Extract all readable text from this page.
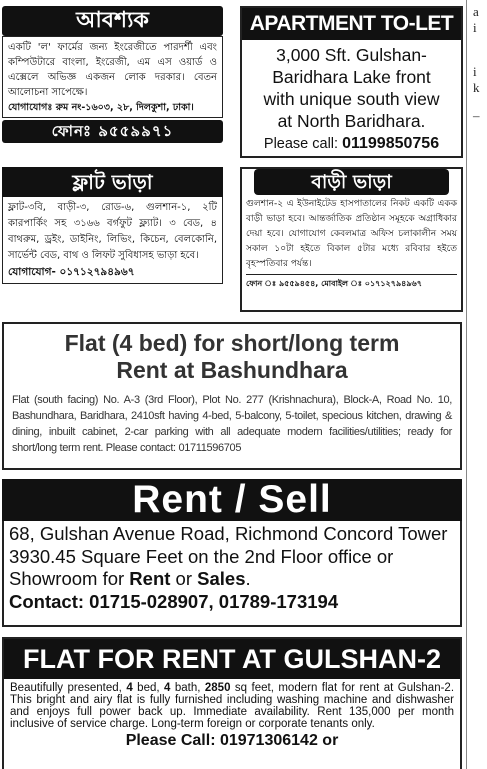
আবশ্যক
একটি 'ল' ফার্মের জন্য ইংরেজীতে পারদর্শী এবং কম্পিউটারে বাংলা, ইংরেজী, এম এস ওয়ার্ড ও এক্সেলে অভিজ্ঞ একজন লোক দরকার। বেতন আলোচনা সাপেক্ষে।
যোগাযোগঃ রুম নং-১৬০৩, ২৮, দিলকুশা, ঢাকা।
ফোনঃ ৯৫৫৯৯৭১
APARTMENT TO-LET
3,000 Sft. Gulshan-
Baridhara Lake front
with unique south view
at North Baridhara.
Please call: 01199850756
ফ্লাট ভাড়া
ফ্লাট-৩বি, বাড়ী-৩, রোড-৬, গুলশান-১, ২টি কারপার্কিং সহ ৩১৬৬ বর্গফুট ফ্ল্যাট। ৩ বেড, ৪ বাথরুম, ড্রইং, ডাইনিং, লিভিং, কিচেন, বেলকোনি, সার্ভেন্ট বেড, বাথ ও লিফট সুবিধাসহ ভাড়া হবে।
যোগাযোগ- ০১৭১২৭৯৪৯৬৭
বাড়ী ভাড়া
গুলশান-২ এ ইউনাইটেড হাসপাতালের নিকট একটি একক বাড়ী ভাড়া হবে। আন্তর্জাতিক প্রতিষ্ঠান সমূহকে অগ্রাধিকার দেয়া হবে। যোগাযোগ কেবলমাত্র অফিস চলাকালীন সময় সকাল ১০টা হইতে বিকাল ৫টার মধ্যে রবিবার হইতে বৃহস্পতিবার পর্যন্ত।
ফোন ঃ ৯৫৫৯৪৫৪, মোবাইল ঃ ০১৭১২৭৯৪৯৬৭
Flat (4 bed) for short/long term
Rent at Bashundhara
Flat (south facing) No. A-3 (3rd Floor), Plot No. 277 (Krishnachura), Block-A, Road No. 10, Bashundhara, Baridhara, 2410sft having 4-bed, 5-balcony, 5-toilet, specious kitchen, drawing & dining, inbuilt cabinet, 2-car parking with all adequate modern facilities/utilities; ready for short/long term rent. Please contact: 01711596705
Rent / Sell
68, Gulshan Avenue Road, Richmond Concord Tower 3930.45 Square Feet on the 2nd Floor office or Showroom for Rent or Sales.
Contact: 01715-028907, 01789-173194
FLAT FOR RENT AT GULSHAN-2
Beautifully presented, 4 bed, 4 bath, 2850 sq feet, modern flat for rent at Gulshan-2. This bright and airy flat is fully furnished including washing machine and dishwasher and enjoys full power back up. Immediate availability. Rent 135,000 per month inclusive of service charge. Long-term foreign or corporate tenants only.
Please Call: 01971306142 or
a
i
i
k
–
